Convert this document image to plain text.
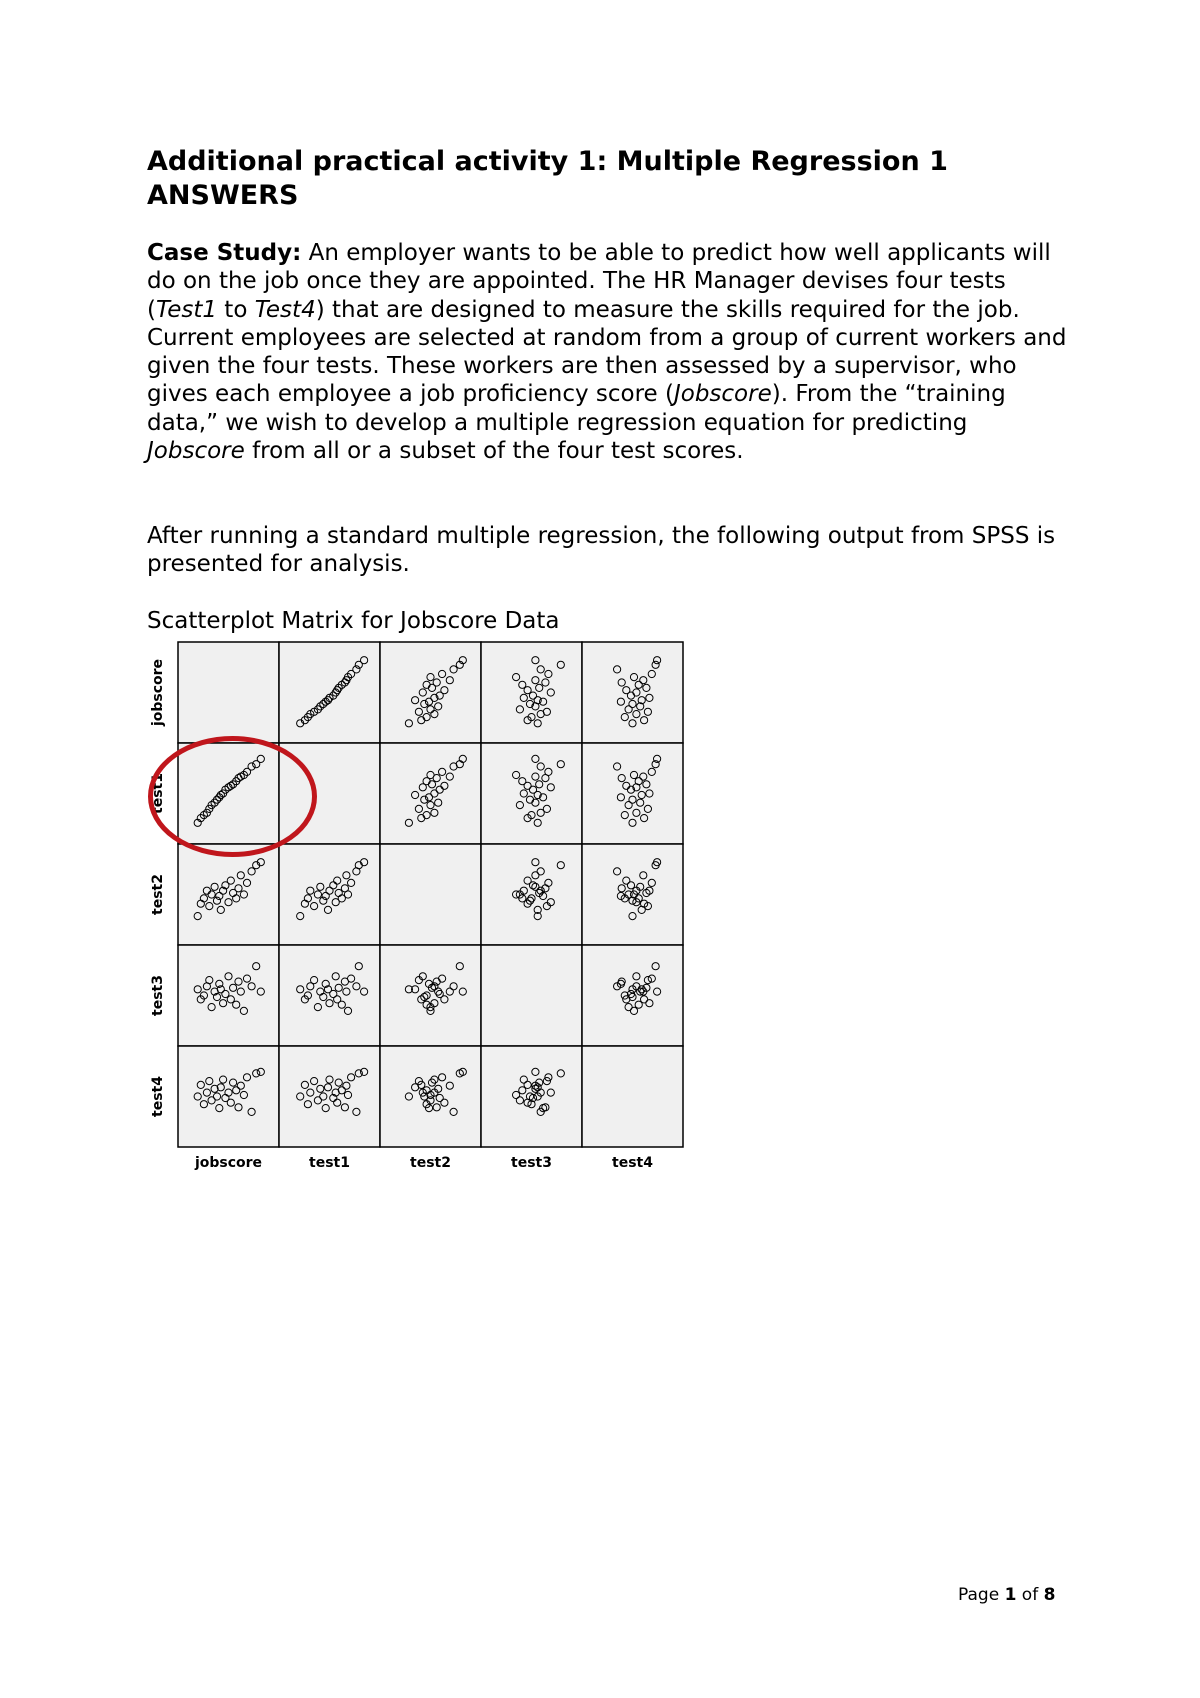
Additional practical activity 1: Multiple Regression 1 ANSWERS

Case Study: An employer wants to be able to predict how well applicants will do on the job once they are appointed. The HR Manager devises four tests (Test1 to Test4) that are designed to measure the skills required for the job. Current employees are selected at random from a group of current workers and given the four tests. These workers are then assessed by a supervisor, who gives each employee a job proficiency score (Jobscore). From the “training data,” we wish to develop a multiple regression equation for predicting Jobscore from all or a subset of the four test scores.

After running a standard multiple regression, the following output from SPSS is presented for analysis.

Scatterplot Matrix for Jobscore Data

jobscore	test1	test2	test3	test4
jobscore
test1
test2
test3
test4
Page 1 of 8
